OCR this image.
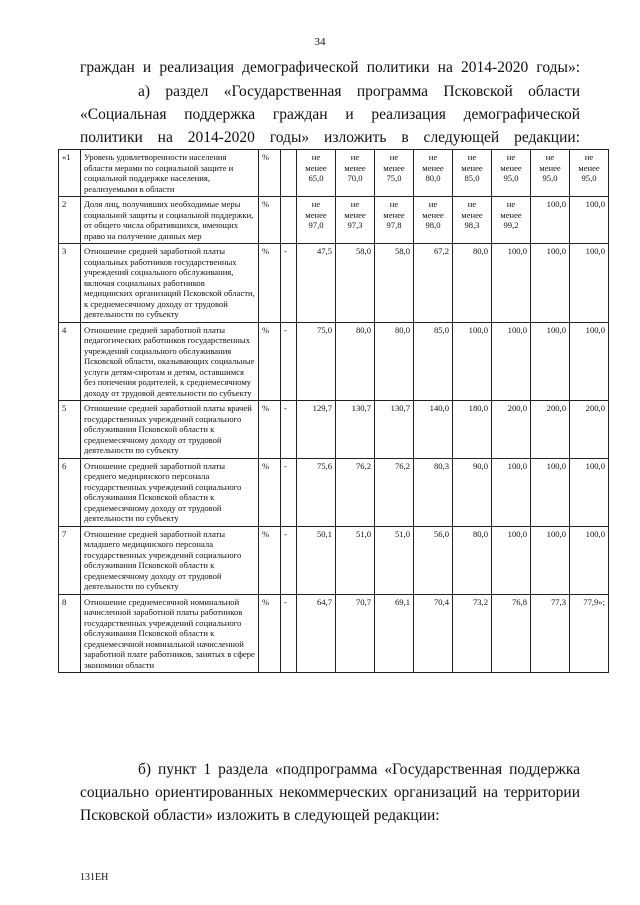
34
граждан и реализация демографической политики на 2014-2020 годы»:
а) раздел «Государственная программа Псковской области
«Социальная поддержка граждан и реализация демографической
политики на 2014-2020 годы» изложить в следующей редакции:
«1	Уровень удовлетворенности населения области мерами по социальной защите и социальной поддержке населения, реализуемыми в области	%		не менее 65,0	не менее 70,0	не менее 75,0	не менее 80,0	не менее 85,0	не менее 95,0	не менее 95,0	не менее 95,0
2	Доля лиц, получивших необходимые меры социальной защиты и социальной поддержки, от общего числа обратившихся, имеющих право на получение данных мер	%		не менее 97,0	не менее 97,3	не менее 97,8	не менее 98,0	не менее 98,3	не менее 99,2	100,0	100,0
3	Отношение средней заработной платы социальных работников государственных учреждений социального обслуживания, включая социальных работников медицинских организаций Псковской области, к среднемесячному доходу от трудовой деятельности по субъекту	%	-	47,5	58,0	58,0	67,2	80,0	100,0	100,0	100,0
4	Отношение средней заработной платы педагогических работников государственных учреждений социального обслуживания Псковской области, оказывающих социальные услуги детям-сиротам и детям, оставшимся без попечения родителей, к среднемесячному доходу от трудовой деятельности по субъекту	%	-	75,0	80,0	80,0	85,0	100,0	100,0	100,0	100,0
5	Отношение средней заработной платы врачей государственных учреждений социального обслуживания Псковской области к среднемесячному доходу от трудовой деятельности по субъекту	%	-	129,7	130,7	130,7	140,0	180,0	200,0	200,0	200,0
6	Отношение средней заработной платы среднего медицинского персонала государственных учреждений социального обслуживания Псковской области к среднемесячному доходу от трудовой деятельности по субъекту	%	-	75,6	76,2	76,2	80,3	90,0	100,0	100,0	100,0
7	Отношение средней заработной платы младшего медицинского персонала государственных учреждений социального обслуживания Псковской области к среднемесячному доходу от трудовой деятельности по субъекту	%	-	50,1	51,0	51,0	56,0	80,0	100,0	100,0	100,0
8	Отношение среднемесячной номинальной начисленной заработной платы работников государственных учреждений социального обслуживания Псковской области к среднемесячной номинальной начисленной заработной плате работников, занятых в сфере экономики области	%	-	64,7	70,7	69,1	70,4	73,2	76,8	77,3	77,9»;
б) пункт 1 раздела «подпрограмма «Государственная поддержка
социально ориентированных некоммерческих организаций на территории
Псковской области» изложить в следующей редакции:
131ЕН
